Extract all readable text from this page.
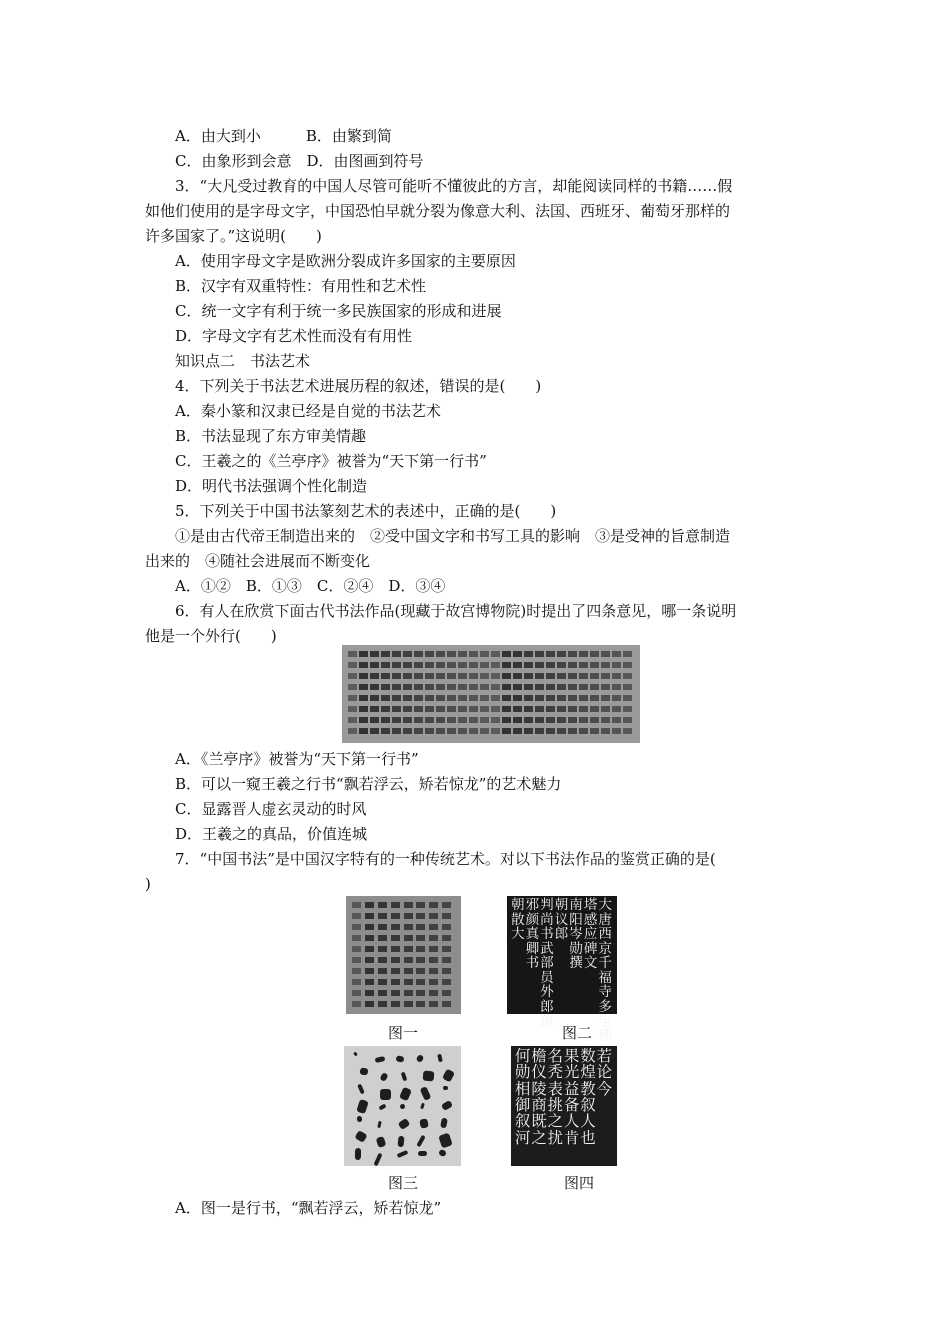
A．由大到小　　　B．由繁到简
C．由象形到会意　D．由图画到符号
3．“大凡受过教育的中国人尽管可能听不懂彼此的方言，却能阅读同样的书籍……假
如他们使用的是字母文字，中国恐怕早就分裂为像意大利、法国、西班牙、葡萄牙那样的
许多国家了。”这说明(　　)
A．使用字母文字是欧洲分裂成许多国家的主要原因
B．汉字有双重特性：有用性和艺术性
C．统一文字有利于统一多民族国家的形成和进展
D．字母文字有艺术性而没有有用性
知识点二　书法艺术
4．下列关于书法艺术进展历程的叙述，错误的是(　　)
A．秦小篆和汉隶已经是自觉的书法艺术
B．书法显现了东方审美情趣
C．王羲之的《兰亭序》被誉为“天下第一行书”
D．明代书法强调个性化制造
5．下列关于中国书法篆刻艺术的表述中，正确的是(　　)
①是由古代帝王制造出来的　②受中国文字和书写工具的影响　③是受神的旨意制造
出来的　④随社会进展而不断变化
A．①②　B．①③　C．②④　D．③④
6．有人在欣赏下面古代书法作品(现藏于故宫博物院)时提出了四条意见，哪一条说明
他是一个外行(　　)
A．《兰亭序》被誉为“天下第一行书”
B．可以一窥王羲之行书“飘若浮云，矫若惊龙”的艺术魅力
C．显露晋人虚玄灵动的时风
D．王羲之的真品，价值连城
7．“中国书法”是中国汉字特有的一种传统艺术。对以下书法作品的鉴赏正确的是(
)
大唐西京千福寺多宝佛
塔感应碑文
南阳岑勋撰
朝议郎
判尚书武部员外郎琅
邪颜真卿书
朝散大
图一	图二
若论今
数煌教叙人也
果光益备人肯
名秃表挑之扰
檐仪陵商既之
何勋相御叙河
图三	图四
A．图一是行书，“飘若浮云，矫若惊龙”
